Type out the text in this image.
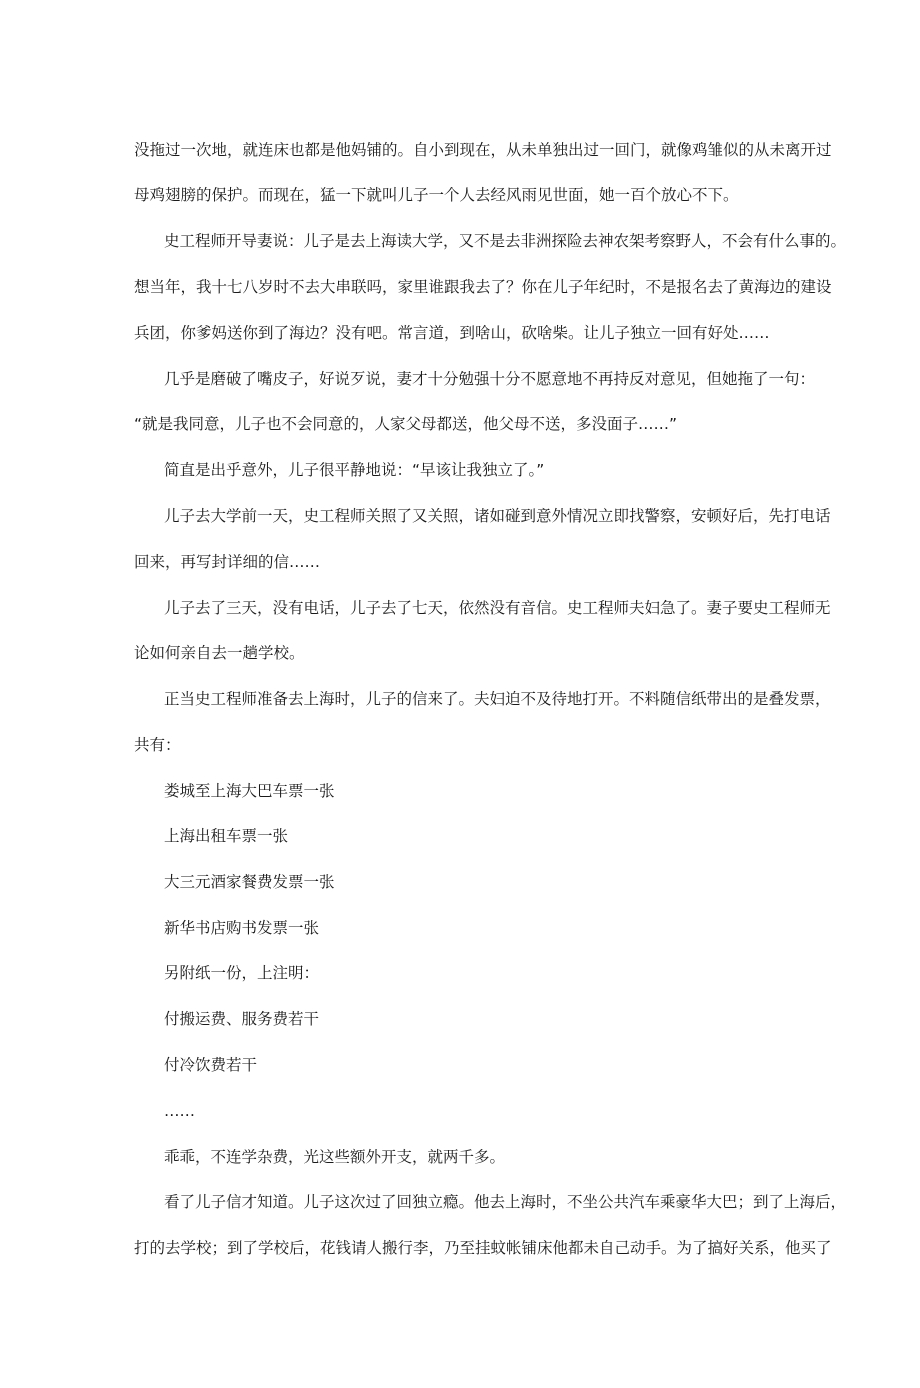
没拖过一次地，就连床也都是他妈铺的。自小到现在，从未单独出过一回门，就像鸡雏似的从未离开过
母鸡翅膀的保护。而现在，猛一下就叫儿子一个人去经风雨见世面，她一百个放心不下。
史工程师开导妻说：儿子是去上海读大学，又不是去非洲探险去神农架考察野人，不会有什么事的。
想当年，我十七八岁时不去大串联吗，家里谁跟我去了？你在儿子年纪时，不是报名去了黄海边的建设
兵团，你爹妈送你到了海边？没有吧。常言道，到啥山，砍啥柴。让儿子独立一回有好处……
几乎是磨破了嘴皮子，好说歹说，妻才十分勉强十分不愿意地不再持反对意见，但她拖了一句：
“就是我同意，儿子也不会同意的，人家父母都送，他父母不送，多没面子……”
简直是出乎意外，儿子很平静地说：“早该让我独立了。”
儿子去大学前一天，史工程师关照了又关照，诸如碰到意外情况立即找警察，安顿好后，先打电话
回来，再写封详细的信……
儿子去了三天，没有电话，儿子去了七天，依然没有音信。史工程师夫妇急了。妻子要史工程师无
论如何亲自去一趟学校。
正当史工程师准备去上海时，儿子的信来了。夫妇迫不及待地打开。不料随信纸带出的是叠发票，
共有：
娄城至上海大巴车票一张
上海出租车票一张
大三元酒家餐费发票一张
新华书店购书发票一张
另附纸一份，上注明：
付搬运费、服务费若干
付冷饮费若干
……
乖乖，不连学杂费，光这些额外开支，就两千多。
看了儿子信才知道。儿子这次过了回独立瘾。他去上海时，不坐公共汽车乘豪华大巴；到了上海后，
打的去学校；到了学校后，花钱请人搬行李，乃至挂蚊帐铺床他都未自己动手。为了搞好关系，他买了
